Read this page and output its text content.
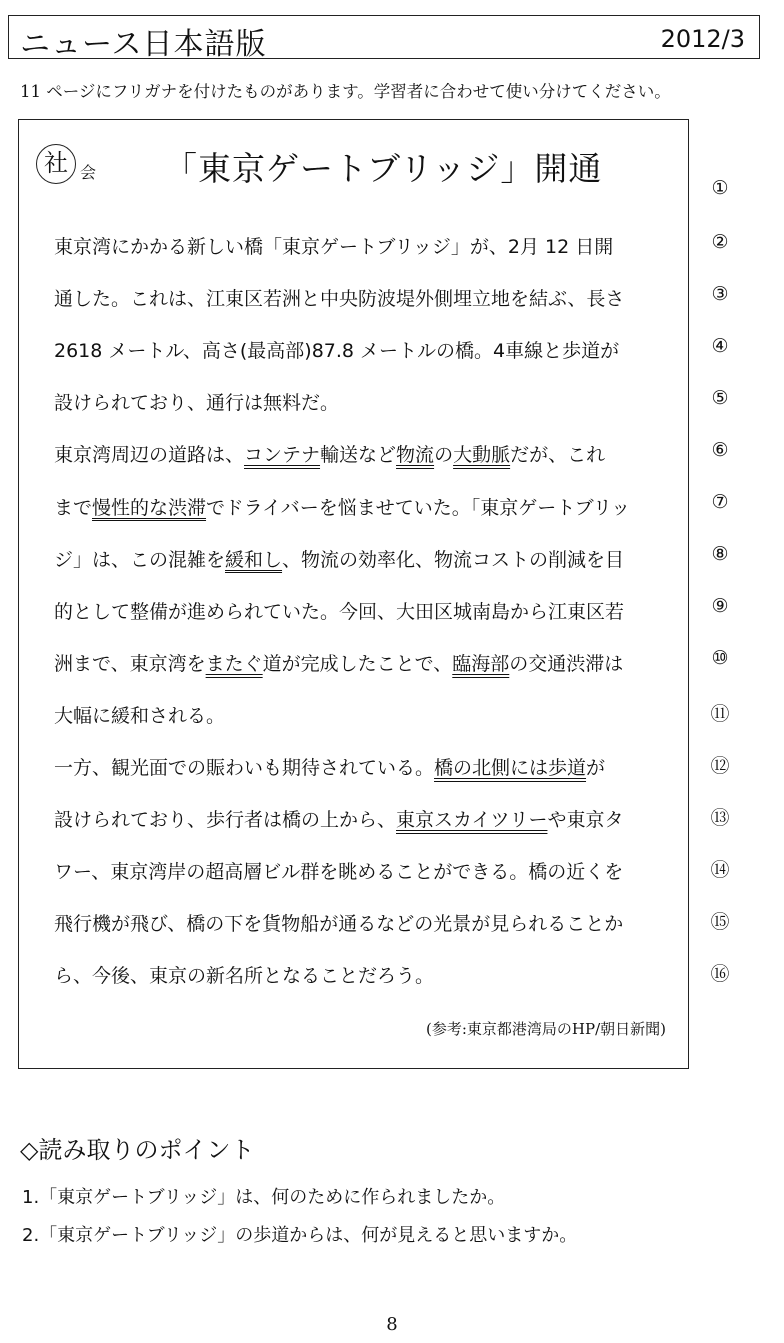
ニュース日本語版	2012/3
11 ページにフリガナを付けたものがあります。学習者に合わせて使い分けてください。
社 会 「東京ゲートブリッジ」開通
東京湾にかかる新しい橋「東京ゲートブリッジ」が、2月 12 日開
通した。これは、江東区若洲と中央防波堤外側埋立地を結ぶ、長さ
2618 メートル、高さ(最高部)87.8 メートルの橋。4車線と歩道が
設けられており、通行は無料だ。
東京湾周辺の道路は、コンテナ輸送など物流の大動脈だが、これ
まで慢性的な渋滞でドライバーを悩ませていた。「東京ゲートブリッ
ジ」は、この混雑を緩和し、物流の効率化、物流コストの削減を目
的として整備が進められていた。今回、大田区城南島から江東区若
洲まで、東京湾をまたぐ道が完成したことで、臨海部の交通渋滞は
大幅に緩和される。
一方、観光面での賑わいも期待されている。橋の北側には歩道が
設けられており、歩行者は橋の上から、東京スカイツリーや東京タ
ワー、東京湾岸の超高層ビル群を眺めることができる。橋の近くを
飛行機が飛び、橋の下を貨物船が通るなどの光景が見られることか
ら、今後、東京の新名所となることだろう。
(参考:東京都港湾局のHP/朝日新聞)
①
②
③
④
⑤
⑥
⑦
⑧
⑨
⑩
⑪
⑫
⑬
⑭
⑮
⑯
◇読み取りのポイント
1.「東京ゲートブリッジ」は、何のために作られましたか。
2.「東京ゲートブリッジ」の歩道からは、何が見えると思いますか。
8
